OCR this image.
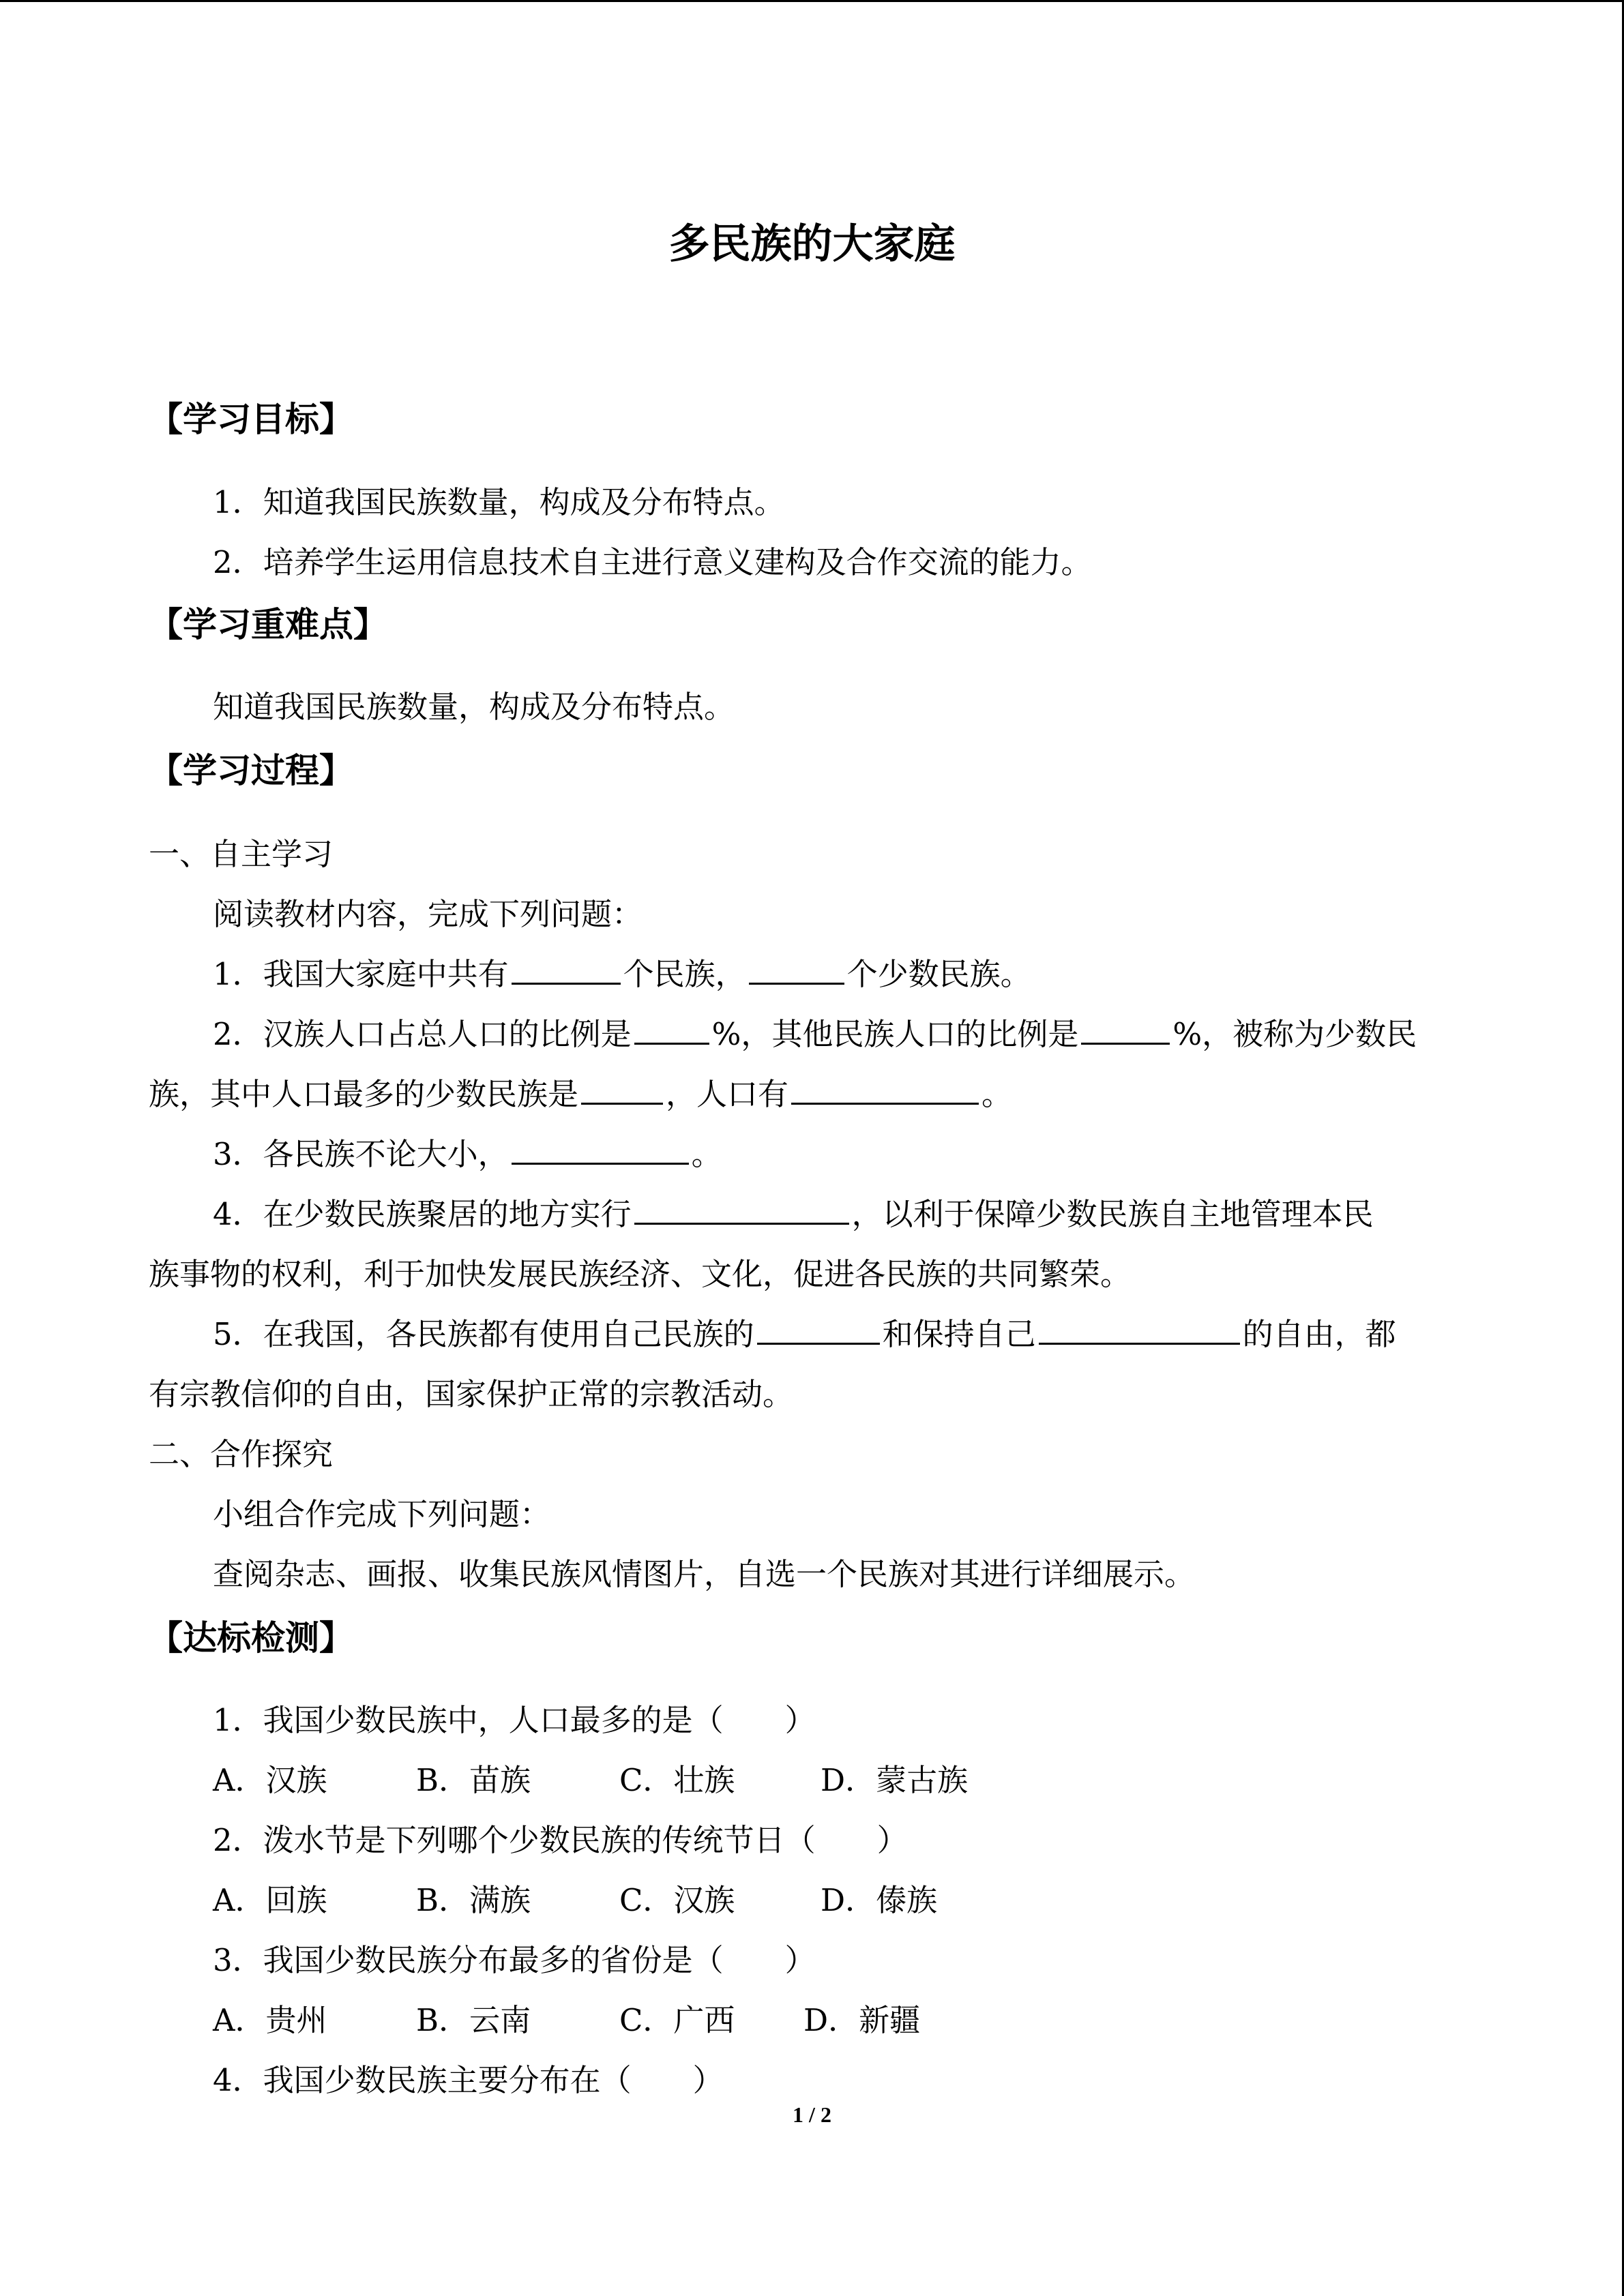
多民族的大家庭
【学习目标】
1．知道我国民族数量，构成及分布特点。
2．培养学生运用信息技术自主进行意义建构及合作交流的能力。
【学习重难点】
知道我国民族数量，构成及分布特点。
【学习过程】
一、自主学习
阅读教材内容，完成下列问题：
1．我国大家庭中共有	个民族，	个少数民族。
2．汉族人口占总人口的比例是	%，其他民族人口的比例是	%，被称为少数民
族，其中人口最多的少数民族是	，人口有	。
3．各民族不论大小，	。
4．在少数民族聚居的地方实行	，以利于保障少数民族自主地管理本民
族事物的权利，利于加快发展民族经济、文化，促进各民族的共同繁荣。
5．在我国，各民族都有使用自己民族的	和保持自己	的自由，都
有宗教信仰的自由，国家保护正常的宗教活动。
二、合作探究
小组合作完成下列问题：
查阅杂志、画报、收集民族风情图片，自选一个民族对其进行详细展示。
【达标检测】
1．我国少数民族中，人口最多的是（　　）
A．汉族	B．苗族	C．壮族	D．蒙古族
2．泼水节是下列哪个少数民族的传统节日（　　）
A．回族	B．满族	C．汉族	D．傣族
3．我国少数民族分布最多的省份是（　　）
A．贵州	B．云南	C．广西 D．新疆
4．我国少数民族主要分布在（　　）
1 / 2
